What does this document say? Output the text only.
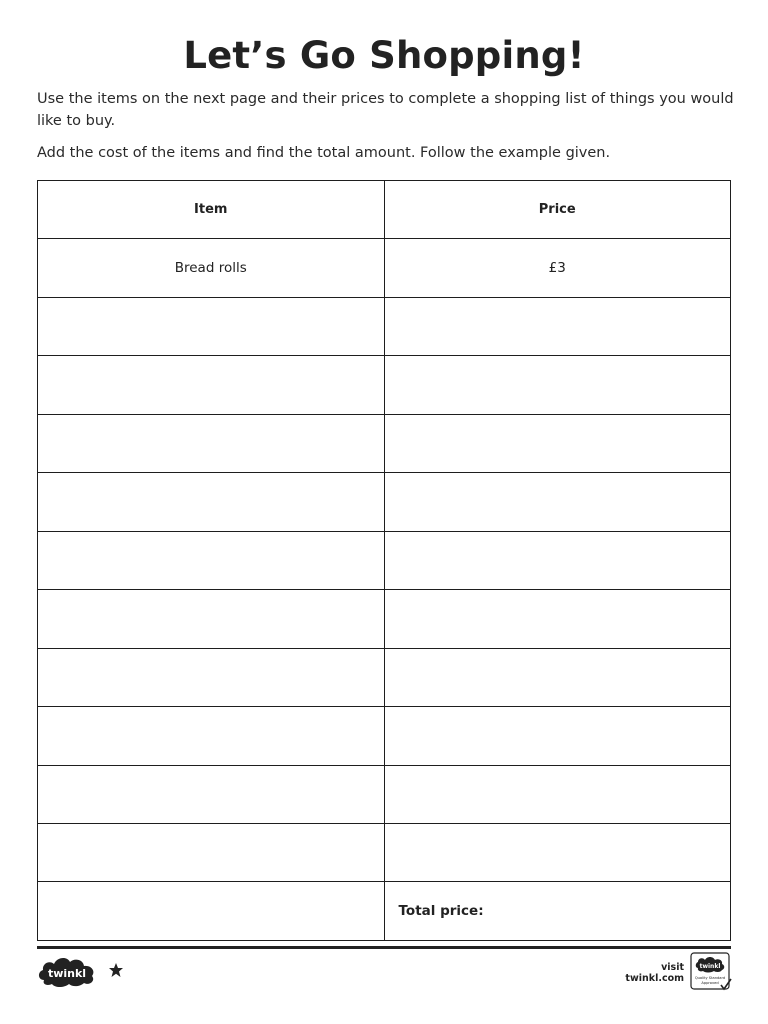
Let’s Go Shopping!
Use the items on the next page and their prices to complete a shopping list of things you would like to buy.
Add the cost of the items and find the total amount. Follow the example given.
Item	Price
Bread rolls	£3

	Total price:
twinkl	visit twinkl.com
twinkl
Quality Standard
Approved
